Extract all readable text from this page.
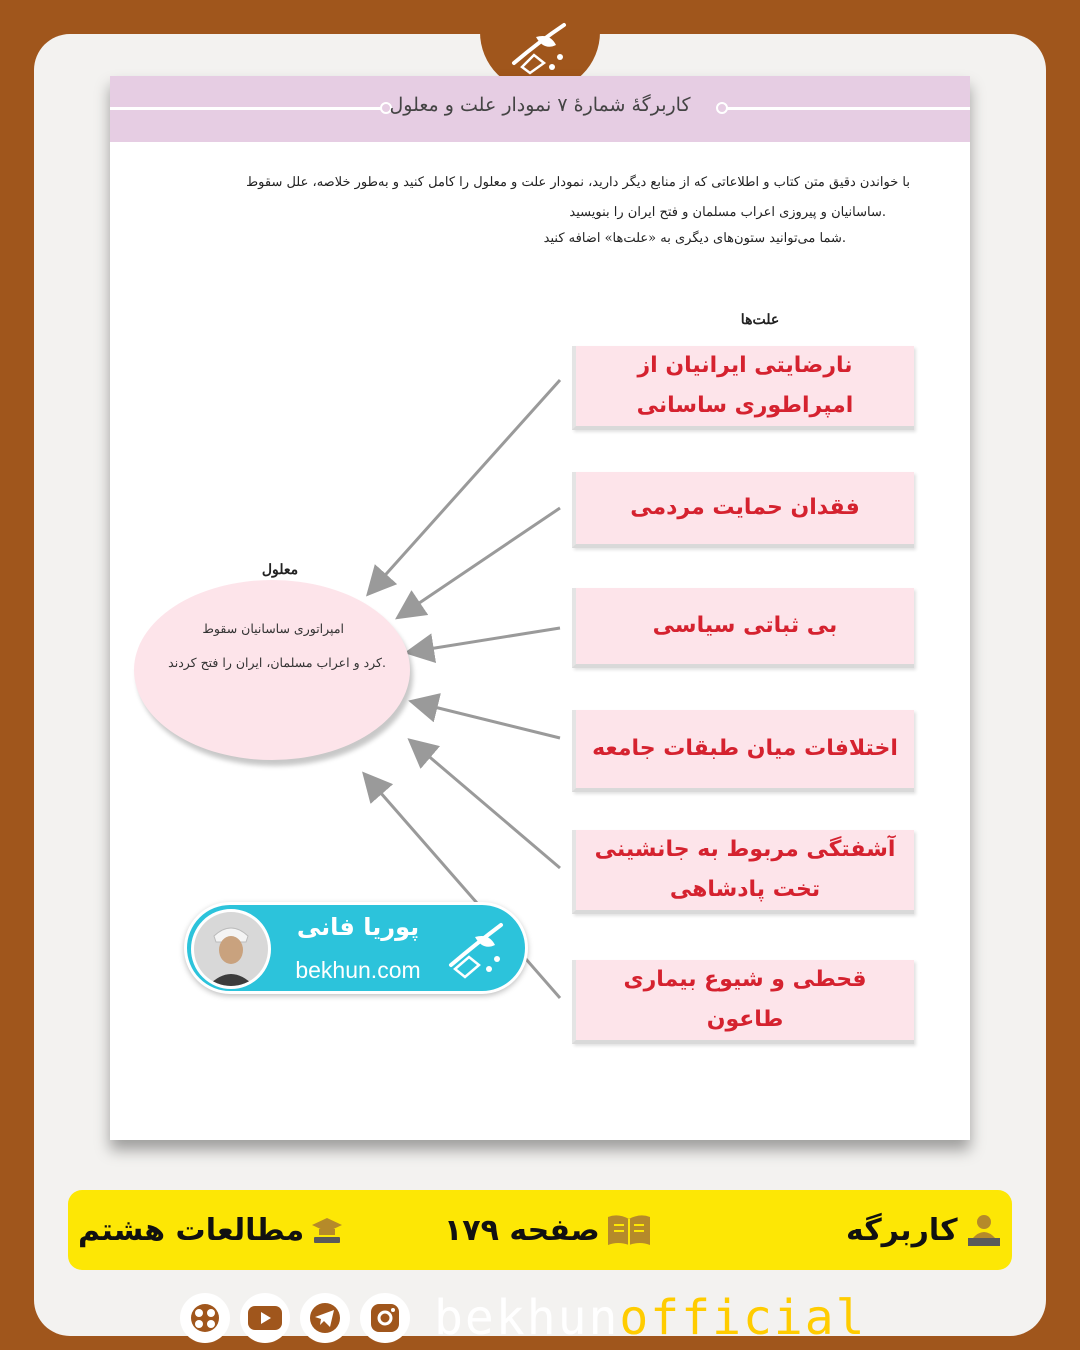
کاربرگهٔ شمارهٔ ۷ نمودار علت و معلول
با خواندن دقیق متن کتاب و اطلاعاتی که از منابع دیگر دارید، نمودار علت و معلول را کامل کنید و به‌طور خلاصه، علل سقوط
ساسانیان و پیروزی اعراب مسلمان و فتح ایران را بنویسید.
شما می‌توانید ستون‌های دیگری به «علت‌ها» اضافه کنید.
علت‌ها
نارضایتی ایرانیان از امپراطوری ساسانی
فقدان حمایت مردمی
بی ثباتی سیاسی
اختلافات میان طبقات جامعه
آشفتگی مربوط به جانشینی تخت پادشاهی
قحطی و شیوع بیماری طاعون
معلول
امپراتوری ساسانیان سقوط
کرد و اعراب مسلمان، ایران را فتح کردند.
پوریا فانی
bekhun.com
مطالعات هشتم	صفحه ۱۷۹	کاربرگه
bekhunofficial
